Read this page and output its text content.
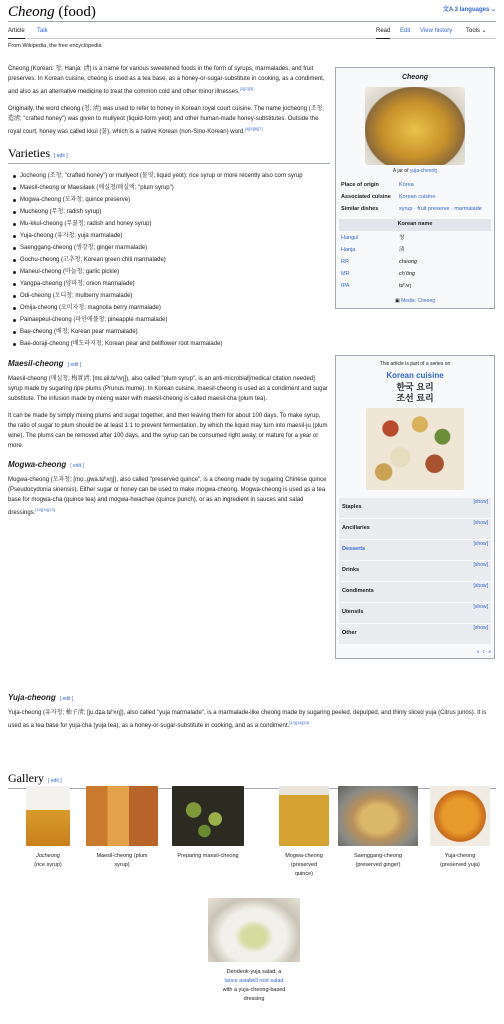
Cheong (food)	文A 3 languages ⌄
Article Talk	Read Edit View history Tools ⌄
From Wikipedia, the free encyclopedia

Cheong (Korean: 청; Hanja: 淸) is a name for various sweetened foods in the form of syrups, marmalades, and fruit preserves. In Korean cuisine, cheong is used as a tea base, as a honey-or-sugar-substitute in cooking, as a condiment, and also as an alternative medicine to treat the common cold and other minor illnesses.[1][2][3]

Originally, the word cheong (청; 淸) was used to refer to honey in Korean royal court cuisine. The name jocheong (조청; 造淸; "crafted honey") was given to mullyeot (liquid-form yeot) and other human-made honey-substitutes. Outside the royal court, honey was called kkul (꿀), which is a native Korean (non-Sino-Korean) word.[4][5][6][7]

Varieties [ edit ]
Jocheong (조청; "crafted honey") or mullyeot (물엿; liquid yeot): rice syrup or more recently also corn syrup
Maesil-cheong or Maesilaek (매실청/매실액; "plum syrup")
Mogwa-cheong (모과청; quince preserve)
Mucheong (무청; radish syrup)
Mu-kkul-cheong (무꿀청; radish and honey syrup)
Yuja-cheong (유자청; yuja marmalade)
Saenggang-cheong (생강청; ginger marmalade)
Gochu-cheong (고추청; Korean green chili marmalade)
Maneul-cheong (마늘청; garlic pickle)
Yangpa-cheong (양파청; onion marmalade)
Odi-cheong (오디청; mulberry marmalade)
Omija-cheong (오미자청; magnolia berry marmalade)
Painaepeul-cheong (파인애플청; pineapple marmalade)
Bae-cheong (배청; Korean pear marmalade)
Bae-doraji-cheong (배도라지청; Korean pear and bellflower root marmalade)
Maesil-cheong [ edit ]

Maesil-cheong (매실청; 梅實淸; [mɛ.ɕil.tɕʰʌŋ]), also called "plum syrup", is an anti-microbial[medical citation needed] syrup made by sugaring ripe plums (Prunus mume). In Korean cuisine, maesil-cheong is used as a condiment and sugar substitute. The infusion made by mixing water with maesil-cheong is called maesil-cha (plum tea).

It can be made by simply mixing plums and sugar together, and then leaving them for about 100 days. To make syrup, the ratio of sugar to plum should be at least 1:1 to prevent fermentation, by which the liquid may turn into maesil-ju (plum wine). The plums can be removed after 100 days, and the syrup can be consumed right away, or mature for a year or more.

Mogwa-cheong [ edit ]

Mogwa-cheong (모과청; [mo̞ː.ɡwa.tɕʰʌŋ]), also called "preserved quince", is a cheong made by sugaring Chinese quince (Pseudocydonia sinensis). Either sugar or honey can be used to make mogwa-cheong. Mogwa-cheong is used as a tea base for mogwa-cha (quince tea) and mogwa-hwachae (quince punch), or as an ingredient in sauces and salad dressings.[10][11][12]

Yuja-cheong [ edit ]

Yuja-cheong (유자청; 柚子淸; [ju.dʑa.tɕʰʌŋ]), also called "yuja marmalade", is a marmalade-like cheong made by sugaring peeled, depulped, and thinly sliced yuja (Citrus junos). It is used as a tea base for yuja-cha (yuja tea), as a honey-or-sugar-substitute in cooking, and as a condiment.[13][14][15]

Cheong
A jar of yuja-cheong
Place of origin	Korea
Associated cuisine	Korean cuisine
Similar dishes	syrup · fruit preserve · marmalade
Korean name
Hangul	청
Hanja	淸
RR	cheong
MR	ch'ŏng
IPA	tɕʰʌŋ
▣ Media: Cheong
This article is part of a series on
Korean cuisine
한국 요리
조선 료리
Staples
[show]
Ancillaries
[show]
Desserts
[show]
Drinks
[show]
Condiments
[show]
Utensils
[show]
Other
[show]
v · t · e
Gallery [ edit ]
Jocheong
(rice syrup)
Maesil-cheong (plum
syrup)
Preparing maesil-cheong	Mogwa-cheong
(preserved
quince)
Saenggang-cheong
(preserved ginger)
Yuja-cheong
(preserved yuja)
Deodeok-yuja salad, a
lance asiabell root salad
with a yuja-cheong-based
dressing
